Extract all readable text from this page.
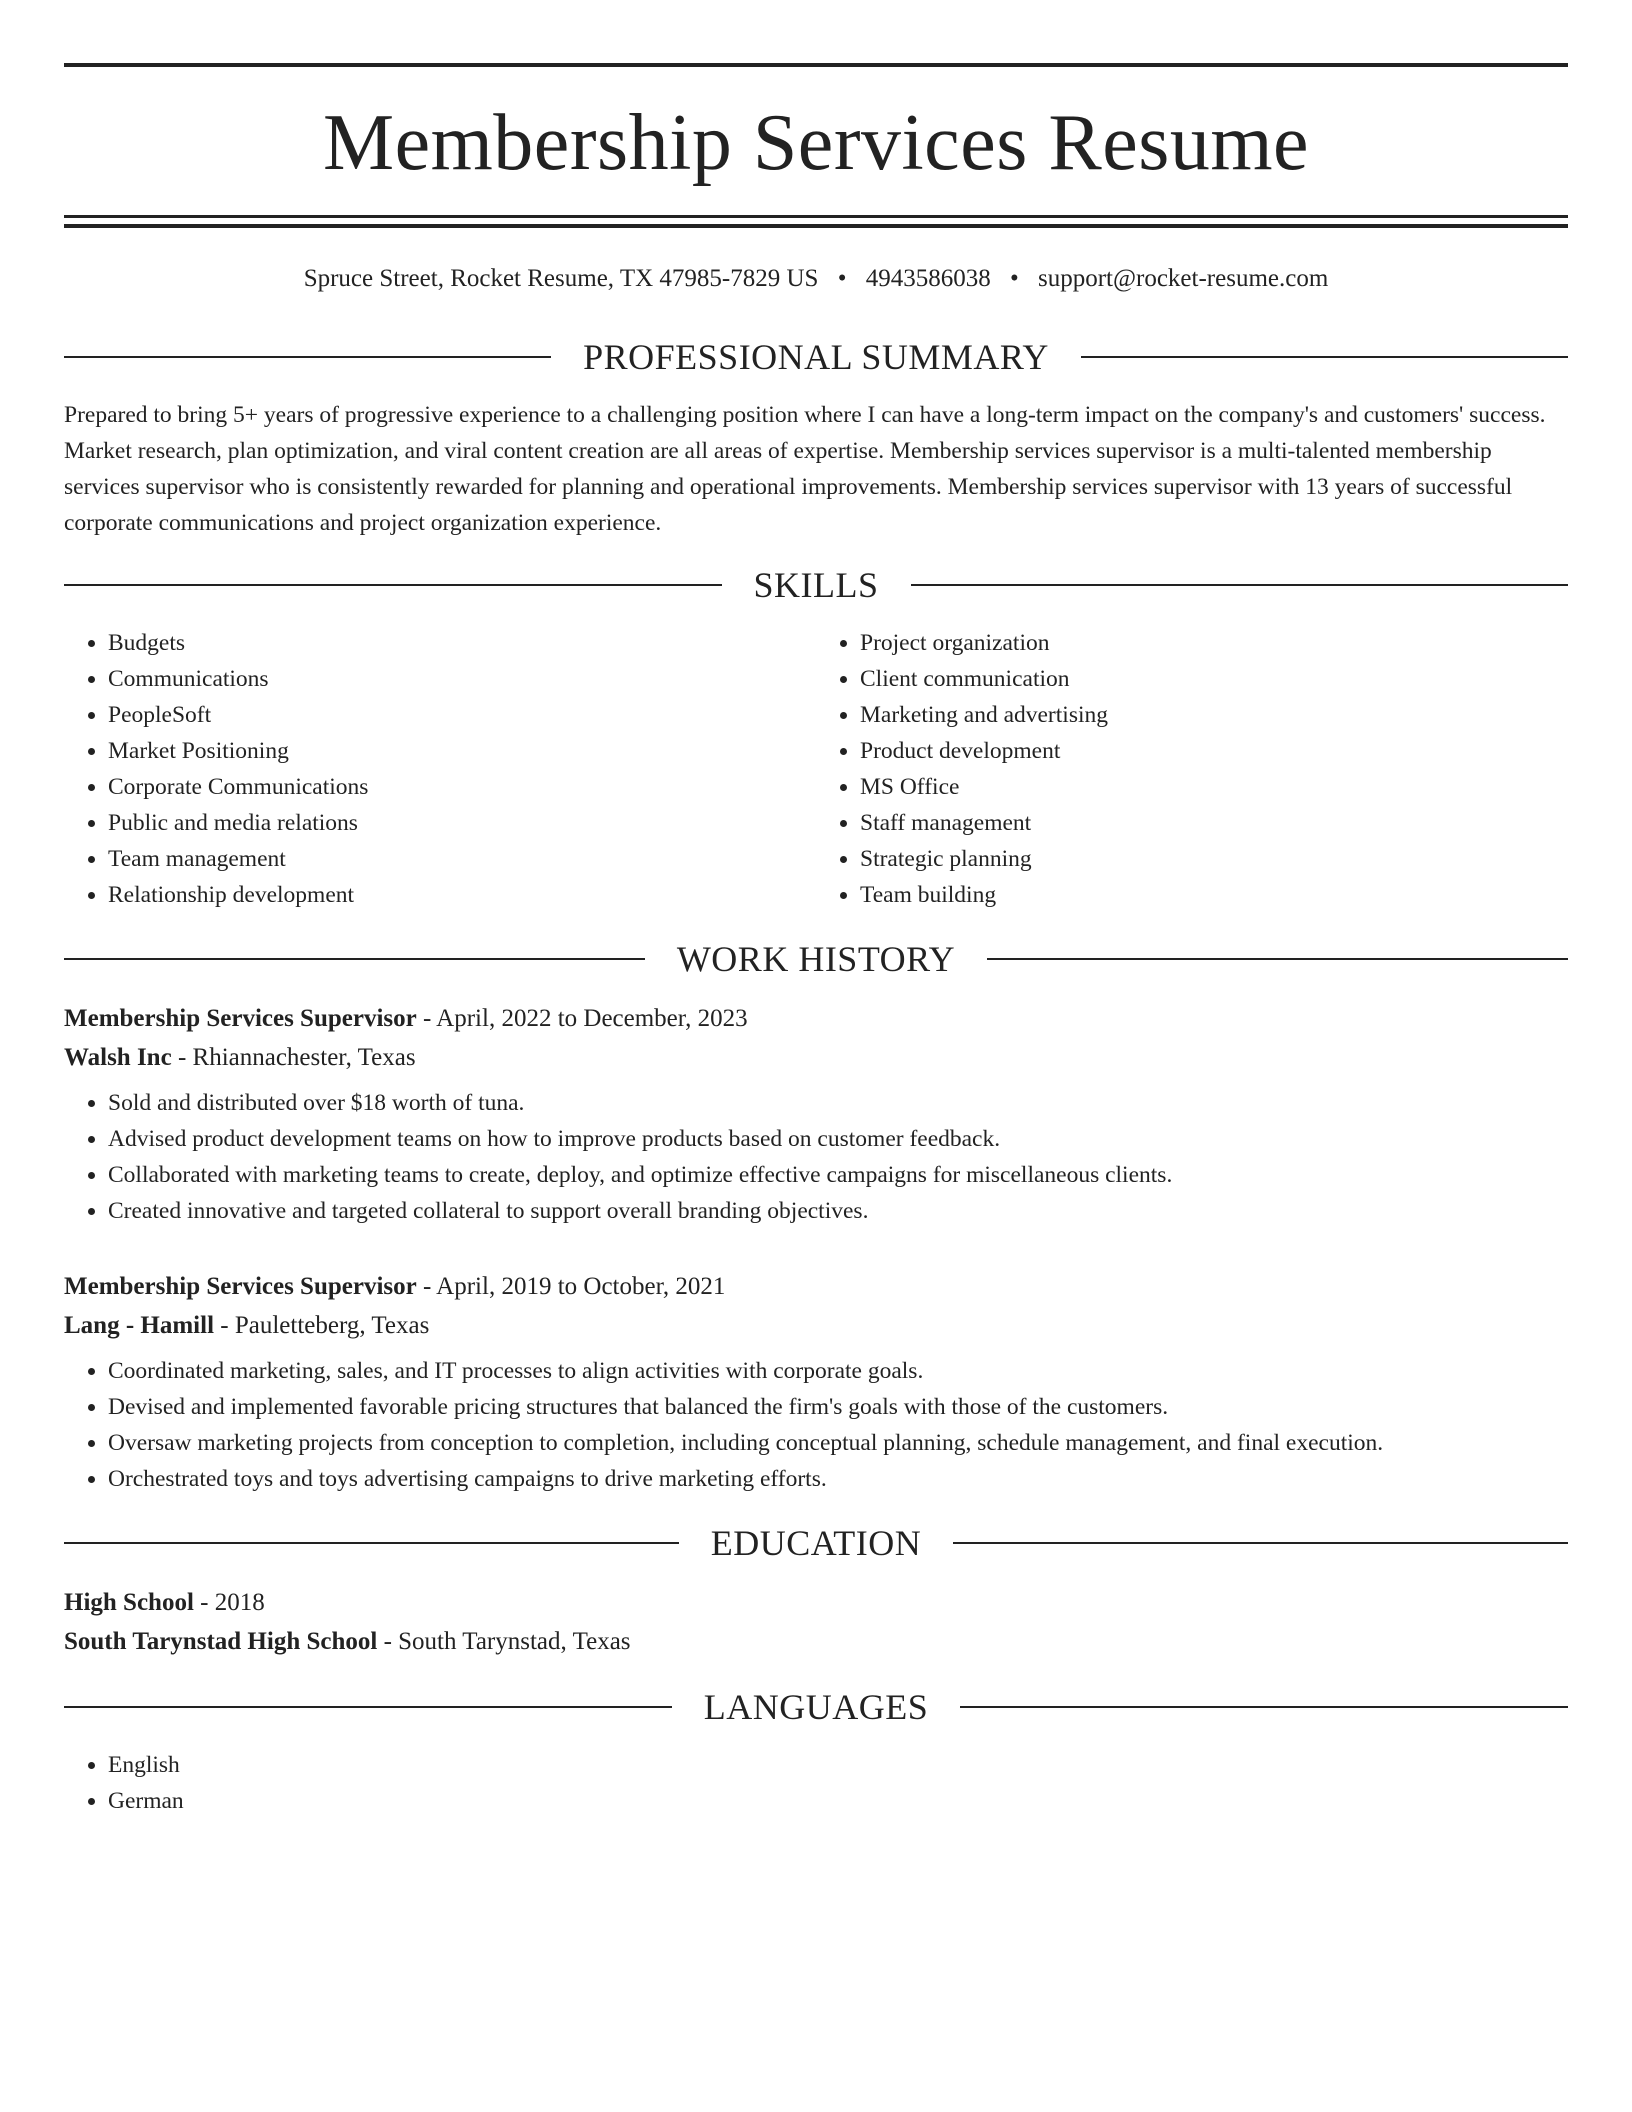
Membership Services Resume
Spruce Street, Rocket Resume, TX 47985-7829 US • 4943586038 • support@rocket-resume.com
PROFESSIONAL SUMMARY

Prepared to bring 5+ years of progressive experience to a challenging position where I can have a long-term impact on the company's and customers' success. Market research, plan optimization, and viral content creation are all areas of expertise. Membership services supervisor is a multi-talented membership services supervisor who is consistently rewarded for planning and operational improvements. Membership services supervisor with 13 years of successful corporate communications and project organization experience.

SKILLS
• Budgets
• Communications
• PeopleSoft
• Market Positioning
• Corporate Communications
• Public and media relations
• Team management
• Relationship development
• Project organization
• Client communication
• Marketing and advertising
• Product development
• MS Office
• Staff management
• Strategic planning
• Team building
WORK HISTORY
Membership Services Supervisor - April, 2022 to December, 2023
Walsh Inc - Rhiannachester, Texas
• Sold and distributed over $18 worth of tuna.
• Advised product development teams on how to improve products based on customer feedback.
• Collaborated with marketing teams to create, deploy, and optimize effective campaigns for miscellaneous clients.
• Created innovative and targeted collateral to support overall branding objectives.
Membership Services Supervisor - April, 2019 to October, 2021
Lang - Hamill - Pauletteberg, Texas
• Coordinated marketing, sales, and IT processes to align activities with corporate goals.
• Devised and implemented favorable pricing structures that balanced the firm's goals with those of the customers.
• Oversaw marketing projects from conception to completion, including conceptual planning, schedule management, and final execution.
• Orchestrated toys and toys advertising campaigns to drive marketing efforts.
EDUCATION
High School - 2018
South Tarynstad High School - South Tarynstad, Texas
LANGUAGES
• English
• German
